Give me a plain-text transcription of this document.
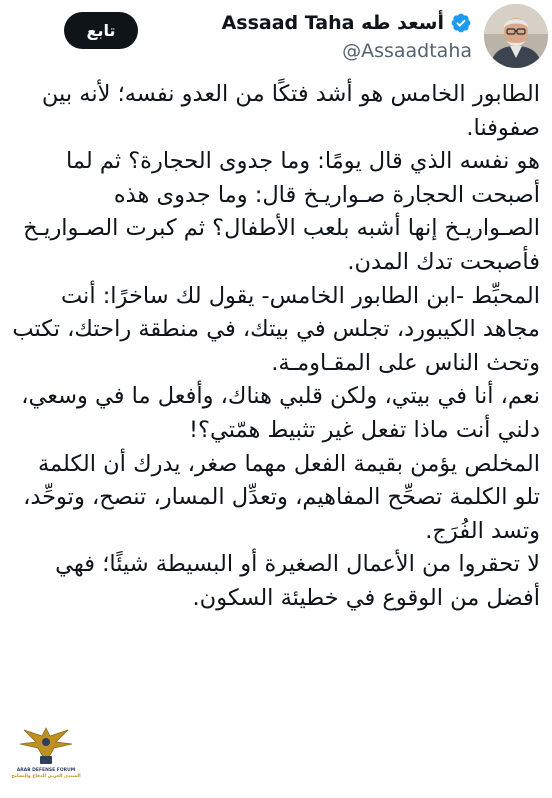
تابع	Assaad Taha أسعد طه
@Assaadtaha
الطابور الخامس هو أشد فتكًا من العدو نفسه؛ لأنه بين صفوفنا.
هو نفسه الذي قال يومًا: وما جدوى الحجارة؟ ثم لما أصبحت الحجارة صـواريـخ قال: وما جدوى هذه الصـواريـخ إنها أشبه بلعب الأطفال؟ ثم كبرت الصـواريـخ فأصبحت تدك المدن.
المحبِّط -ابن الطابور الخامس- يقول لك ساخرًا: أنت مجاهد الكيبورد، تجلس في بيتك، في منطقة راحتك، تكتب وتحث الناس على المقـاومـة.
نعم، أنا في بيتي، ولكن قلبي هناك، وأفعل ما في وسعي، دلني أنت ماذا تفعل غير تثبيط همّتي؟!
المخلص يؤمن بقيمة الفعل مهما صغر، يدرك أن الكلمة تلو الكلمة تصحِّح المفاهيم، وتعدِّل المسار، تنصح، وتوحِّد، وتسد الفُرَج.
لا تحقروا من الأعمال الصغيرة أو البسيطة شيئًا؛ فهي أفضل من الوقوع في خطيئة السكون.
ARAB DEFENSE FORUM
المنتدى العربي للدفاع والتسليح
